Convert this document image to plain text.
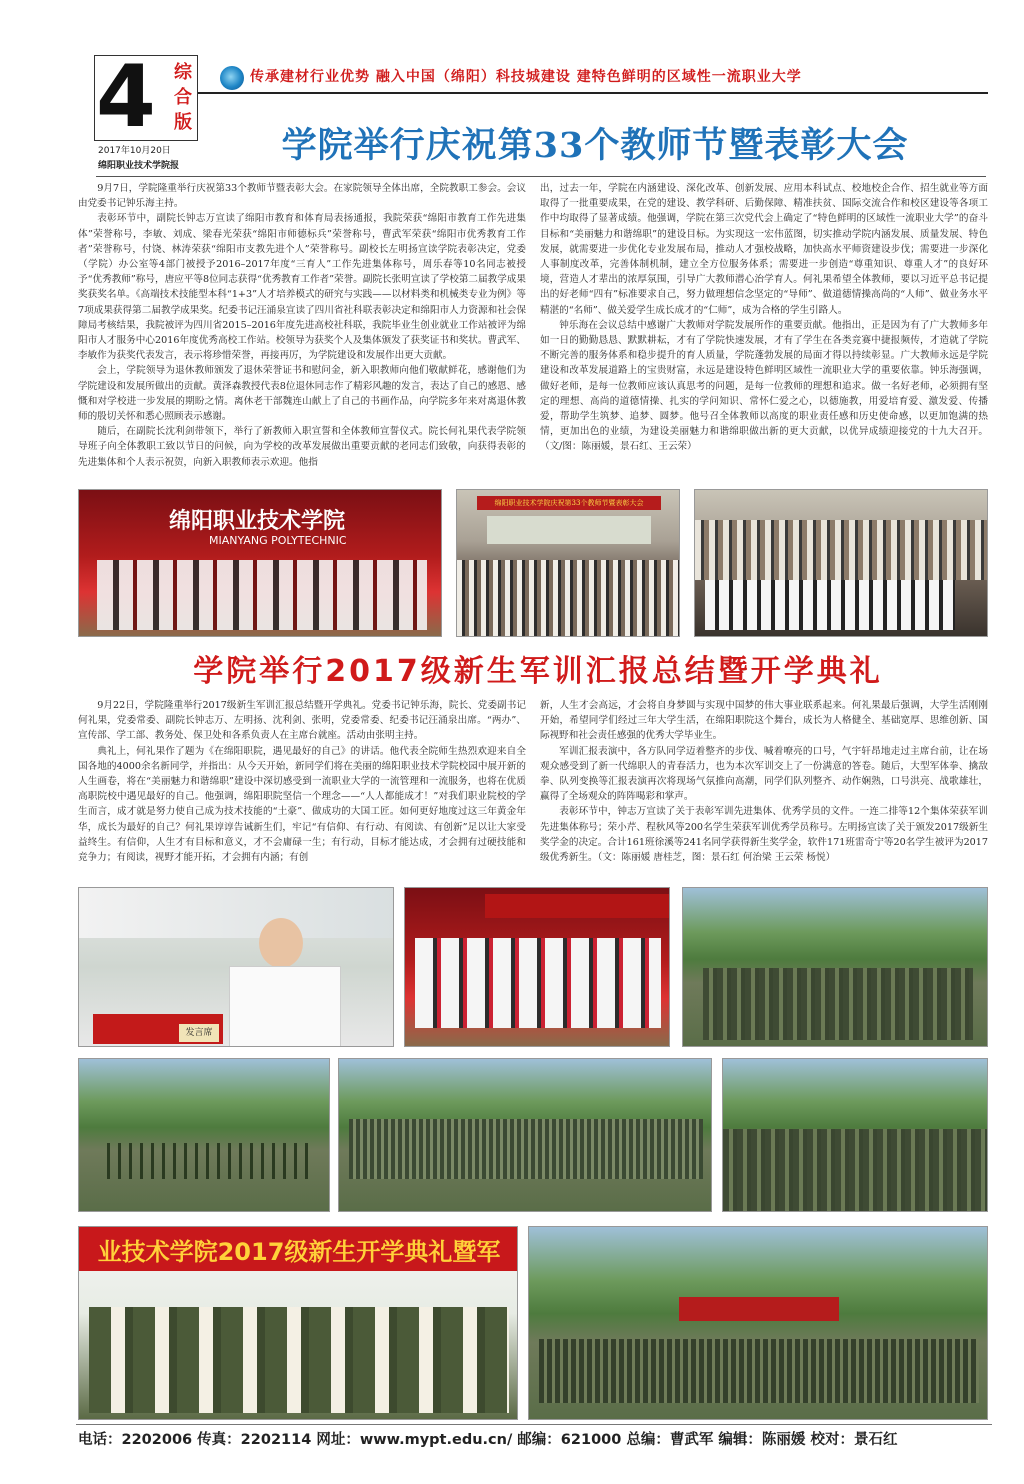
4 综
合
版
2017年10月20日
绵阳职业技术学院报
传承建材行业优势 融入中国（绵阳）科技城建设 建特色鲜明的区域性一流职业大学
学院举行庆祝第33个教师节暨表彰大会

9月7日，学院隆重举行庆祝第33个教师节暨表彰大会。在家院领导全体出席，全院教职工参会。会议由党委书记钟乐海主持。

表彰环节中，副院长钟志万宣读了绵阳市教育和体育局表扬通报，我院荣获“绵阳市教育工作先进集体”荣誉称号，李敏、刘成、梁春光荣获“绵阳市师德标兵”荣誉称号，曹武军荣获“绵阳市优秀教育工作者”荣誉称号，付饶、林涛荣获“绵阳市支教先进个人”荣誉称号。副校长左明扬宣读学院表彰决定，党委（学院）办公室等4部门被授予2016–2017年度“三育人”工作先进集体称号，周乐春等10名同志被授予“优秀教师”称号，唐应平等8位同志获得“优秀教育工作者”荣誉。副院长张明宣读了学校第二届教学成果奖获奖名单。《高端技术技能型本科“1+3”人才培养模式的研究与实践——以材料类和机械类专业为例》等7项成果获得第二届教学成果奖。纪委书记汪涌泉宣读了四川省社科联表彰决定和绵阳市人力资源和社会保障局考核结果，我院被评为四川省2015–2016年度先进高校社科联，我院毕业生创业就业工作站被评为绵阳市人才服务中心2016年度优秀高校工作站。校领导为获奖个人及集体颁发了获奖证书和奖状。曹武军、李敏作为获奖代表发言，表示将珍惜荣誉，再接再厉，为学院建设和发展作出更大贡献。

会上，学院领导为退休教师颁发了退休荣誉证书和慰问金，新入职教师向他们敬献鲜花，感谢他们为学院建设和发展所做出的贡献。黄泽森教授代表8位退休同志作了精彩风趣的发言，表达了自己的感恩、感慨和对学校进一步发展的期盼之情。离休老干部魏连山献上了自己的书画作品，向学院多年来对离退休教师的殷切关怀和悉心照顾表示感谢。

随后，在副院长沈利剑带领下，举行了新教师入职宣誓和全体教师宣誓仪式。院长何礼果代表学院领导班子向全体教职工致以节日的问候，向为学校的改革发展做出重要贡献的老同志们致敬，向获得表彰的先进集体和个人表示祝贺，向新入职教师表示欢迎。他指

出，过去一年，学院在内涵建设、深化改革、创新发展、应用本科试点、校地校企合作、招生就业等方面取得了一批重要成果，在党的建设、教学科研、后勤保障、精准扶贫、国际交流合作和校区建设等各项工作中均取得了显著成绩。他强调，学院在第三次党代会上确定了“特色鲜明的区域性一流职业大学”的奋斗目标和“美丽魅力和谐绵职”的建设目标。为实现这一宏伟蓝图，切实推动学院内涵发展、质量发展、特色发展，就需要进一步优化专业发展布局，推动人才强校战略，加快高水平师资建设步伐；需要进一步深化人事制度改革，完善体制机制，建立全方位服务体系；需要进一步创造“尊重知识、尊重人才”的良好环境，营造人才辈出的浓厚氛围，引导广大教师潜心治学育人。何礼果希望全体教师，要以习近平总书记提出的好老师“四有”标准要求自己，努力做理想信念坚定的“导师”、做道德情操高尚的“人师”、做业务水平精湛的“名师”、做关爱学生成长成才的“仁师”，成为合格的学生引路人。

钟乐海在会议总结中感谢广大教师对学院发展所作的重要贡献。他指出，正是因为有了广大教师多年如一日的勤勤恳恳、默默耕耘，才有了学院快速发展，才有了学生在各类竞赛中捷报频传，才造就了学院不断完善的服务体系和稳步提升的育人质量，学院蓬勃发展的局面才得以持续彰显。广大教师永远是学院建设和改革发展道路上的宝贵财富，永远是建设特色鲜明区域性一流职业大学的重要依靠。钟乐海强调，做好老师，是每一位教师应该认真思考的问题，是每一位教师的理想和追求。做一名好老师，必须拥有坚定的理想、高尚的道德情操、扎实的学问知识、常怀仁爱之心，以德施教，用爱培育爱、激发爱、传播爱，帮助学生筑梦、追梦、圆梦。他号召全体教师以高度的职业责任感和历史使命感，以更加饱满的热情，更加出色的业绩，为建设美丽魅力和谐绵职做出新的更大贡献，以优异成绩迎接党的十九大召开。（文/图：陈丽媛，景石红、王云荣）

绵阳职业技术学院
MIANYANG POLYTECHNIC
绵阳职业技术学院庆祝第33个教师节暨表彰大会
学院举行2017级新生军训汇报总结暨开学典礼

9月22日，学院隆重举行2017级新生军训汇报总结暨开学典礼。党委书记钟乐海，院长、党委副书记何礼果，党委常委、副院长钟志万、左明扬、沈利剑、张明，党委常委、纪委书记汪涌泉出席。“两办”、宣传部、学工部、教务处、保卫处和各系负责人在主席台就座。活动由张明主持。

典礼上，何礼果作了题为《在绵阳职院，遇见最好的自己》的讲话。他代表全院师生热烈欢迎来自全国各地的4000余名新同学，并指出：从今天开始，新同学们将在美丽的绵阳职业技术学院校园中展开新的人生画卷，将在“美丽魅力和谐绵职”建设中深切感受到一流职业大学的一流管理和一流服务，也将在优质高职院校中遇见最好的自己。他强调，绵阳职院坚信一个理念——“人人都能成才！”对我们职业院校的学生而言，成才就是努力使自己成为技术技能的“土豪”、做成功的大国工匠。如何更好地度过这三年黄金年华，成长为最好的自己？何礼果谆谆告诫新生们，牢记“有信仰、有行动、有阅读、有创新”足以让大家受益终生。有信仰，人生才有目标和意义，才不会庸碌一生；有行动，目标才能达成，才会拥有过硬技能和竞争力；有阅读，视野才能开拓，才会拥有内涵；有创

新，人生才会高远，才会将自身梦圆与实现中国梦的伟大事业联系起来。何礼果最后强调，大学生活刚刚开始，希望同学们经过三年大学生活，在绵阳职院这个舞台，成长为人格健全、基础宽厚、思维创新、国际视野和社会责任感强的优秀大学毕业生。

军训汇报表演中，各方队同学迈着整齐的步伐、喊着嘹亮的口号，气宇轩昂地走过主席台前，让在场观众感受到了新一代绵职人的青春活力，也为本次军训交上了一份满意的答卷。随后，大型军体拳、擒敌拳、队列变换等汇报表演再次将现场气氛推向高潮，同学们队列整齐、动作娴熟，口号洪亮、战歌雄壮，赢得了全场观众的阵阵喝彩和掌声。

表彰环节中，钟志万宣读了关于表彰军训先进集体、优秀学员的文件。一连二排等12个集体荣获军训先进集体称号；荣小芹、程秋风等200名学生荣获军训优秀学员称号。左明扬宣读了关于颁发2017级新生奖学金的决定。合计161班徐溪等241名同学获得新生奖学金，软件171班雷奇宁等20名学生被评为2017级优秀新生。（文：陈丽媛 唐桂芝，图：景石红 何治梁 王云荣 杨悦）

发言席
业技术学院2017级新生开学典礼暨军
电话：2202006 传真：2202114 网址：www.mypt.edu.cn/ 邮编：621000 总编：曹武军 编辑：陈丽媛 校对：景石红
